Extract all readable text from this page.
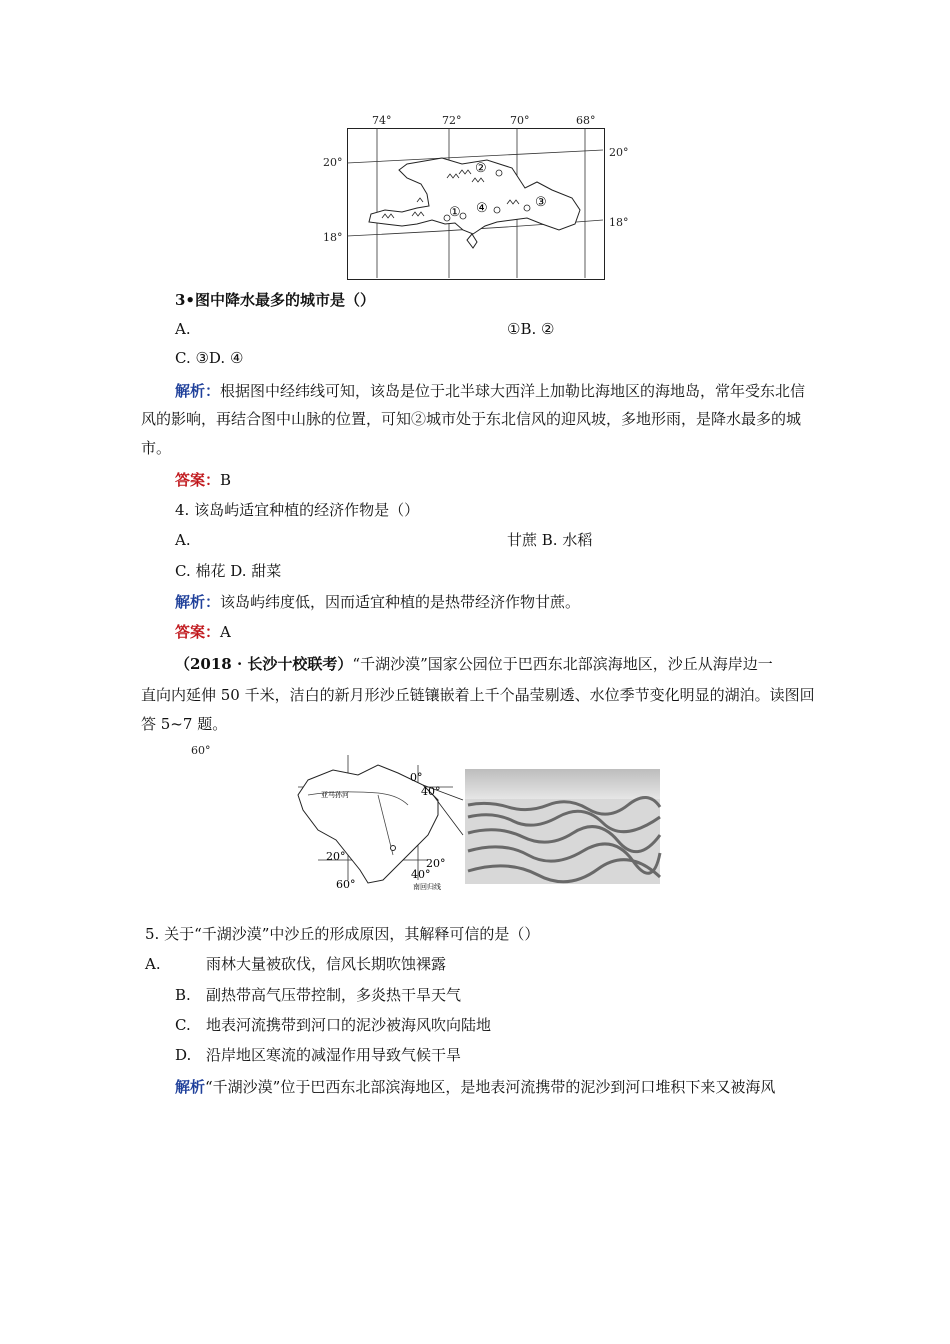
74°	72°	70°	68°
20°
18°
20°
18°
②
① ④	③
3•图中降水最多的城市是（）
A.	①B. ②
C. ③D. ④
解析：根据图中经纬线可知，该岛是位于北半球大西洋上加勒比海地区的海地岛，常年受东北信
风的影响，再结合图中山脉的位置，可知②城市处于东北信风的迎风坡，多地形雨，是降水最多的城
市。
答案：B
4. 该岛屿适宜种植的经济作物是（）
A.	甘蔗 B. 水稻
C. 棉花 D. 甜菜
解析：该岛屿纬度低，因而适宜种植的是热带经济作物甘蔗。
答案：A
（2018 · 长沙十校联考）“千湖沙漠”国家公园位于巴西东北部滨海地区，沙丘从海岸边一
直向内延伸 50 千米，洁白的新月形沙丘链镶嵌着上千个晶莹剔透、水位季节变化明显的湖泊。读图回
答 5~7 题。
60°
亚马孙河
0°
40°
20°
20°
60°
40°
南回归线
5. 关于“千湖沙漠”中沙丘的形成原因，其解释可信的是（）
A.	雨林大量被砍伐，信风长期吹蚀裸露
B. 副热带高气压带控制，多炎热干旱天气
C. 地表河流携带到河口的泥沙被海风吹向陆地
D. 沿岸地区寒流的减湿作用导致气候干旱
解析“千湖沙漠”位于巴西东北部滨海地区，是地表河流携带的泥沙到河口堆积下来又被海风
